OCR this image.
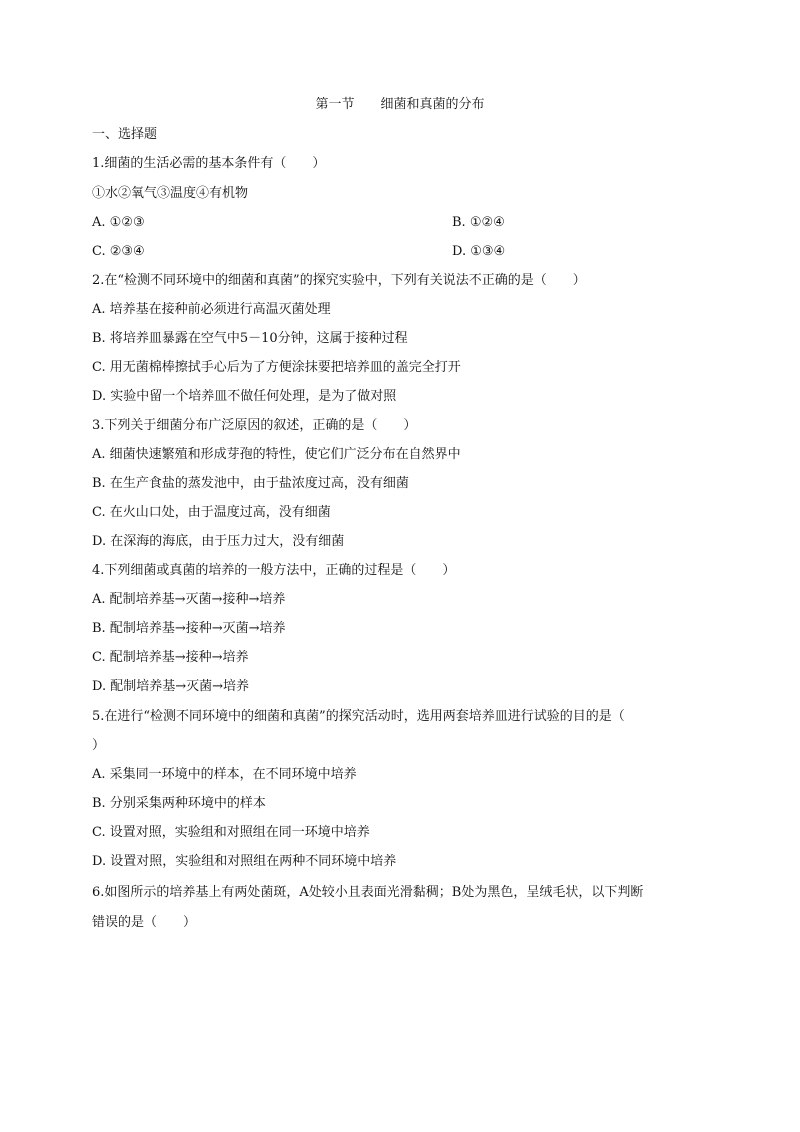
第一节　　细菌和真菌的分布
一、选择题
1.细菌的生活必需的基本条件有（　　）
①水②氧气③温度④有机物
A. ①②③	B. ①②④
C. ②③④	D. ①③④
2.在“检测不同环境中的细菌和真菌”的探究实验中，下列有关说法不正确的是（　　）
A. 培养基在接种前必须进行高温灭菌处理
B. 将培养皿暴露在空气中5－10分钟，这属于接种过程
C. 用无菌棉棒擦拭手心后为了方便涂抹要把培养皿的盖完全打开
D. 实验中留一个培养皿不做任何处理，是为了做对照
3.下列关于细菌分布广泛原因的叙述，正确的是（　　）
A. 细菌快速繁殖和形成芽孢的特性，使它们广泛分布在自然界中
B. 在生产食盐的蒸发池中，由于盐浓度过高，没有细菌
C. 在火山口处，由于温度过高，没有细菌
D. 在深海的海底，由于压力过大，没有细菌
4.下列细菌或真菌的培养的一般方法中，正确的过程是（　　）
A. 配制培养基→灭菌→接种→培养
B. 配制培养基→接种→灭菌→培养
C. 配制培养基→接种→培养
D. 配制培养基→灭菌→培养
5.在进行“检测不同环境中的细菌和真菌”的探究活动时，选用两套培养皿进行试验的目的是（
）
A. 采集同一环境中的样本，在不同环境中培养
B. 分别采集两种环境中的样本
C. 设置对照，实验组和对照组在同一环境中培养
D. 设置对照，实验组和对照组在两种不同环境中培养
6.如图所示的培养基上有两处菌斑，A处较小且表面光滑黏稠；B处为黑色，呈绒毛状，以下判断
错误的是（　　）
